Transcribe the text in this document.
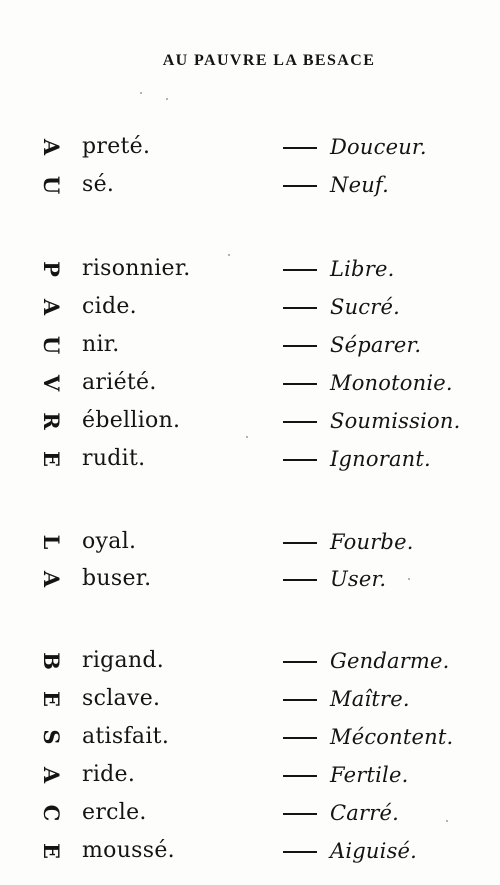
AU PAUVRE LA BESACE
A preté.	Douceur.
U sé.	Neuf.
P risonnier.	Libre.
A cide.	Sucré.
U nir.	Séparer.
V ariété.	Monotonie.
R ébellion.	Soumission.
E rudit.	Ignorant.
L oyal.	Fourbe.
A buser.	User.
B rigand.	Gendarme.
E sclave.	Maître.
S atisfait.	Mécontent.
A ride.	Fertile.
C ercle.	Carré.
E moussé.	Aiguisé.
